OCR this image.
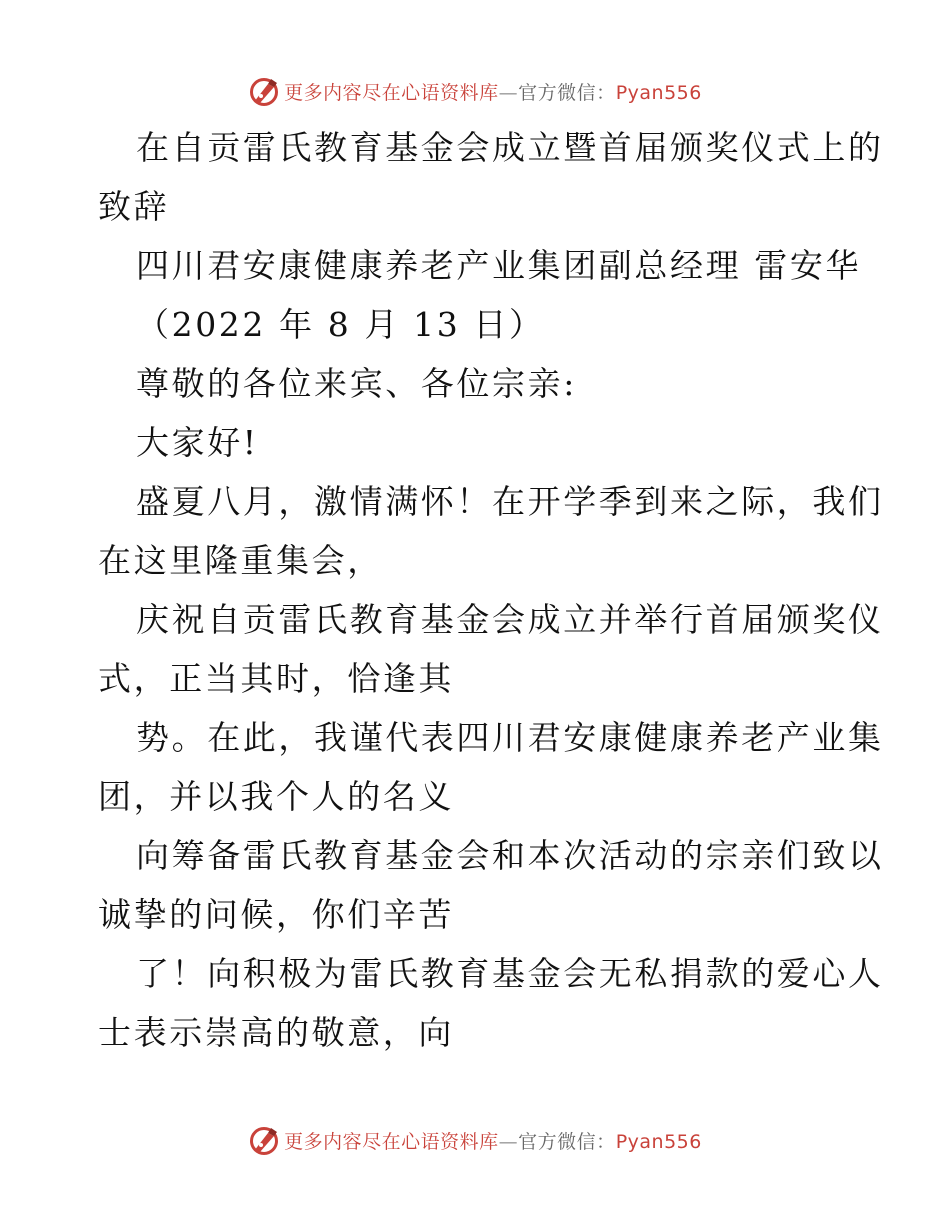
更多内容尽在心语资料库—官方微信：Pyan556
在自贡雷氏教育基金会成立暨首届颁奖仪式上的
致辞
四川君安康健康养老产业集团副总经理 雷安华
（2022 年 8 月 13 日）
尊敬的各位来宾、各位宗亲:
大家好!
盛夏八月，激情满怀！在开学季到来之际，我们
在这里隆重集会，
庆祝自贡雷氏教育基金会成立并举行首届颁奖仪
式，正当其时，恰逢其
势。在此，我谨代表四川君安康健康养老产业集
团，并以我个人的名义
向筹备雷氏教育基金会和本次活动的宗亲们致以
诚挚的问候，你们辛苦
了！向积极为雷氏教育基金会无私捐款的爱心人
士表示崇高的敬意，向
更多内容尽在心语资料库—官方微信：Pyan556
